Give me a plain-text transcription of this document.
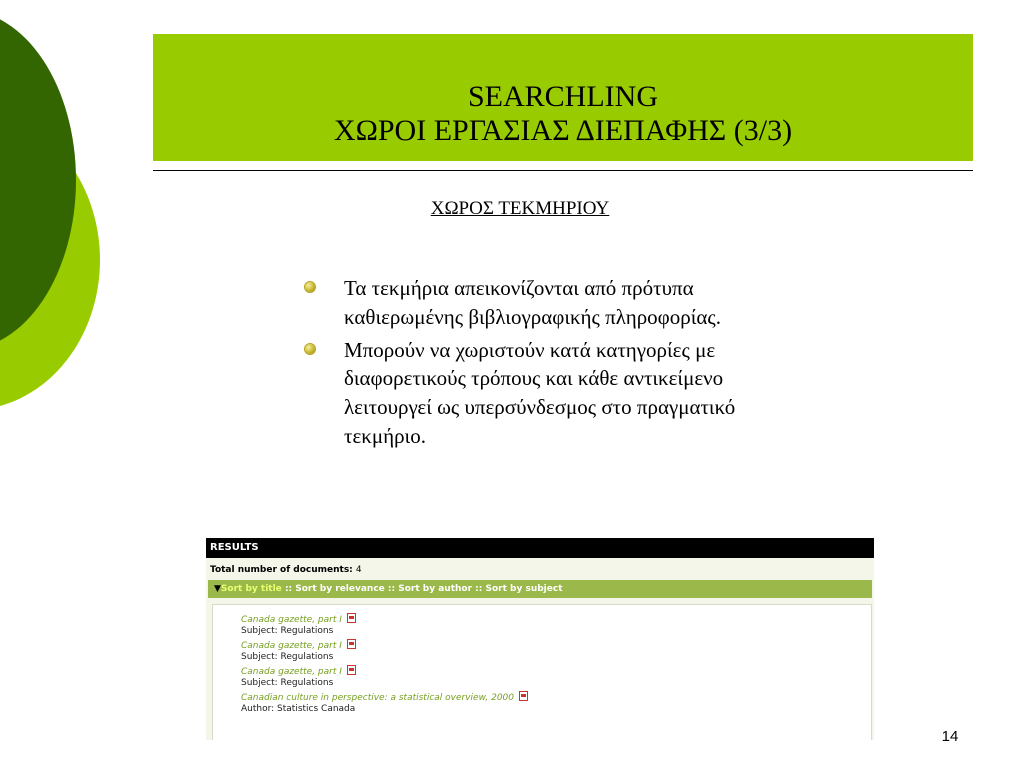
SEARCHLING
ΧΩΡΟΙ ΕΡΓΑΣΙΑΣ ΔΙΕΠΑΦΗΣ (3/3)
ΧΩΡΟΣ ΤΕΚΜΗΡΙΟΥ
Τα τεκμήρια απεικονίζονται από πρότυπα καθιερωμένης βιβλιογραφικής πληροφορίας.
Μπορούν να χωριστούν κατά κατηγορίες με διαφορετικούς τρόπους και κάθε αντικείμενο λειτουργεί ως υπερσύνδεσμος στο πραγματικό τεκμήριο.
RESULTS
Total number of documents: 4
▼Sort by title :: Sort by relevance :: Sort by author :: Sort by subject
Canada gazette, part I
Subject: Regulations
Canada gazette, part I
Subject: Regulations
Canada gazette, part I
Subject: Regulations
Canadian culture in perspective: a statistical overview, 2000
Author: Statistics Canada
14
